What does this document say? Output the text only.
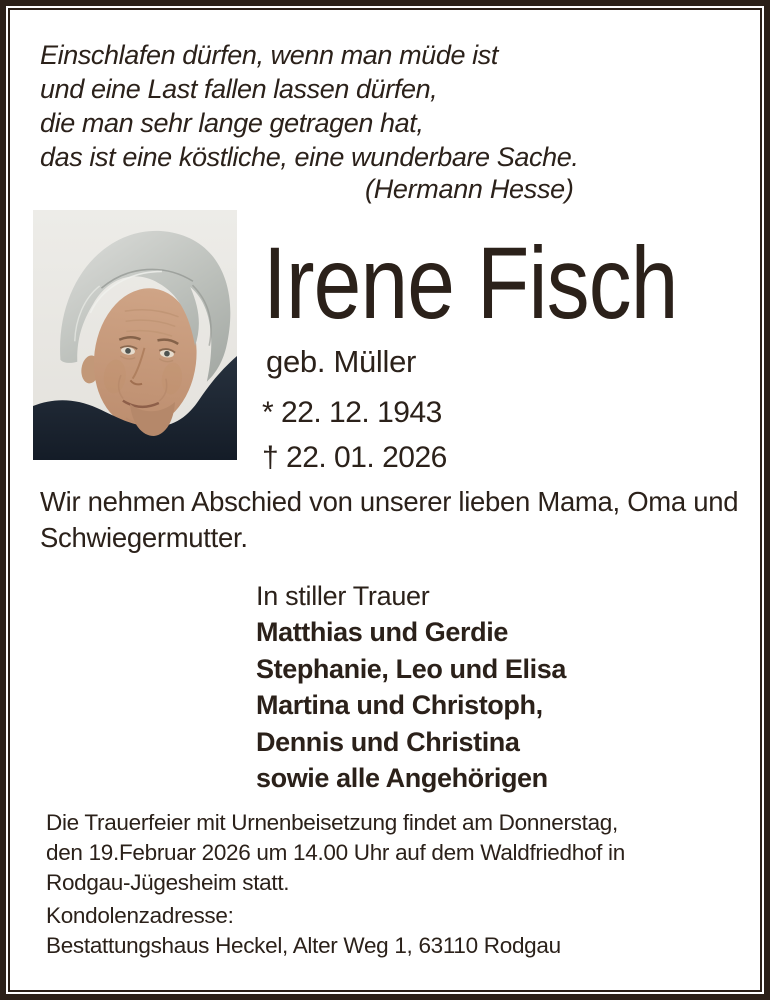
Einschlafen dürfen, wenn man müde ist
und eine Last fallen lassen dürfen,
die man sehr lange getragen hat,
das ist eine köstliche, eine wunderbare Sache.
(Hermann Hesse)
Irene Fisch
geb. Müller
* 22. 12. 1943
† 22. 01. 2026
Wir nehmen Abschied von unserer lieben Mama, Oma und
Schwiegermutter.
In stiller Trauer
Matthias und Gerdie
Stephanie, Leo und Elisa
Martina und Christoph,
Dennis und Christina
sowie alle Angehörigen
Die Trauerfeier mit Urnenbeisetzung findet am Donnerstag,
den 19.Februar 2026 um 14.00 Uhr auf dem Waldfriedhof in
Rodgau-Jügesheim statt.
Kondolenzadresse:
Bestattungshaus Heckel, Alter Weg 1, 63110 Rodgau
